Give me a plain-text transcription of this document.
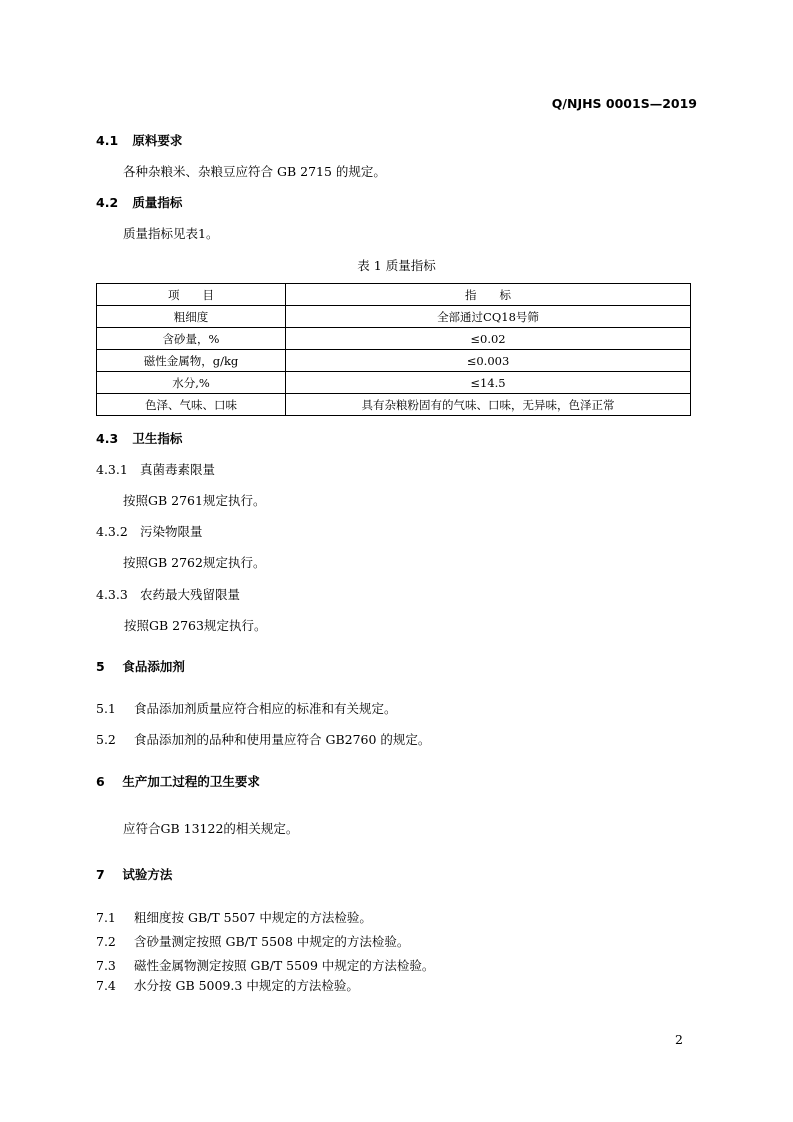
Q/NJHS 0001S—2019
4.1 原料要求
各种杂粮米、杂粮豆应符合 GB 2715 的规定。
4.2 质量指标
质量指标见表1。
表 1 质量指标
项　　目	指　　标
粗细度	全部通过CQ18号筛
含砂量，%	≤0.02
磁性金属物，g/kg	≤0.003
水分,%	≤14.5
色泽、气味、口味	具有杂粮粉固有的气味、口味，无异味，色泽正常
4.3 卫生指标
4.3.1 真菌毒素限量
按照GB 2761规定执行。
4.3.2 污染物限量
按照GB 2762规定执行。
4.3.3 农药最大残留限量
按照GB 2763规定执行。
5 食品添加剂
5.1 食品添加剂质量应符合相应的标准和有关规定。
5.2 食品添加剂的品种和使用量应符合 GB2760 的规定。
6 生产加工过程的卫生要求
应符合GB 13122的相关规定。
7 试验方法
7.1 粗细度按 GB/T 5507 中规定的方法检验。
7.2 含砂量测定按照 GB/T 5508 中规定的方法检验。
7.3 磁性金属物测定按照 GB/T 5509 中规定的方法检验。
7.4 水分按 GB 5009.3 中规定的方法检验。
2
